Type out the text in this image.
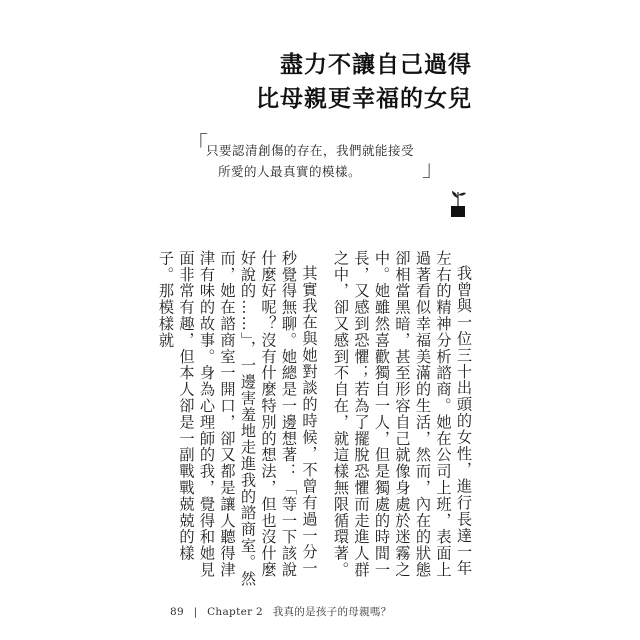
盡力不讓自己過得
比母親更幸福的女兒
「
只要認清創傷的存在，我們就能接受
所愛的人最真實的模樣。	」

我曾與一位三十出頭的女性，進行長達一年左右的精神分析諮商。她在公司上班，表面上過著看似幸福美滿的生活，然而，內在的狀態卻相當黑暗，甚至形容自己就像身處於迷霧之中。她雖然喜歡獨自一人，但是獨處的時間一長，又感到恐懼；若為了擺脫恐懼而走進人群之中，卻又感到不自在，就這樣無限循環著。

其實我在與她對談的時候，不曾有過一分一秒覺得無聊。她總是一邊想著：「等一下該說什麼好呢？沒有什麼特別的想法，但也沒什麼好說的……」，一邊害羞地走進我的諮商室。然而，她在諮商室一開口，卻又都是讓人聽得津津有味的故事。身為心理師的我，覺得和她見面非常有趣，但本人卻是一副戰戰兢兢的樣子。那模樣就

89 | Chapter 2 我真的是孩子的母親嗎？
